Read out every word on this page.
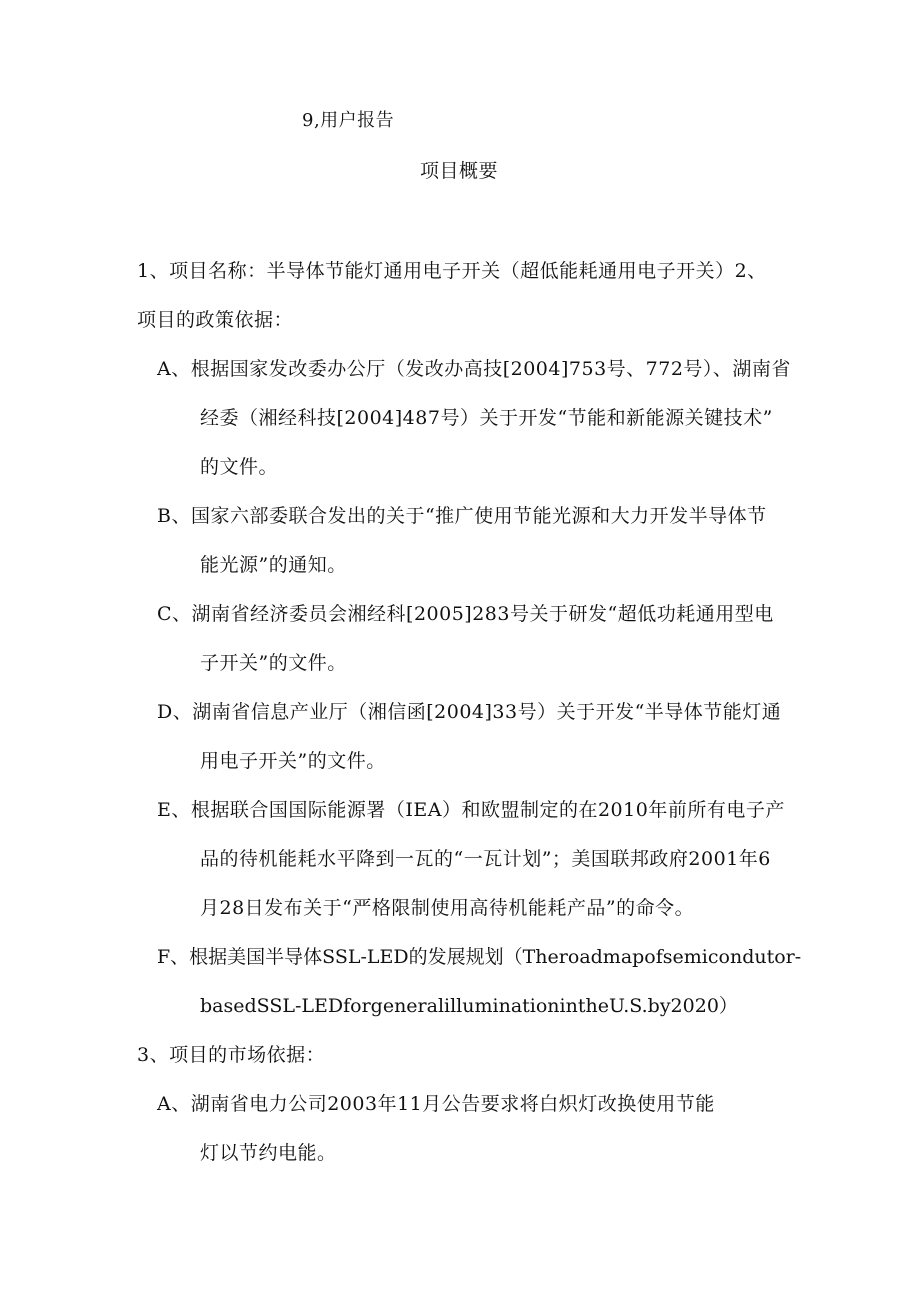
9,用户报告
项目概要
1、项目名称：半导体节能灯通用电子开关（超低能耗通用电子开关）2、
项目的政策依据：
A、根据国家发改委办公厅（发改办高技[2004]753号、772号）、湖南省
经委（湘经科技[2004]487号）关于开发“节能和新能源关键技术”
的文件。
B、国家六部委联合发出的关于“推广使用节能光源和大力开发半导体节
能光源”的通知。
C、湖南省经济委员会湘经科[2005]283号关于研发“超低功耗通用型电
子开关”的文件。
D、湖南省信息产业厅（湘信函[2004]33号）关于开发“半导体节能灯通
用电子开关”的文件。
E、根据联合国国际能源署（IEA）和欧盟制定的在2010年前所有电子产
品的待机能耗水平降到一瓦的“一瓦计划”；美国联邦政府2001年6
月28日发布关于“严格限制使用高待机能耗产品”的命令。
F、根据美国半导体SSL-LED的发展规划（Theroadmapofsemicondutor-
basedSSL-LEDforgeneralilluminationintheU.S.by2020）
3、项目的市场依据：
A、湖南省电力公司2003年11月公告要求将白炽灯改换使用节能
灯以节约电能。
